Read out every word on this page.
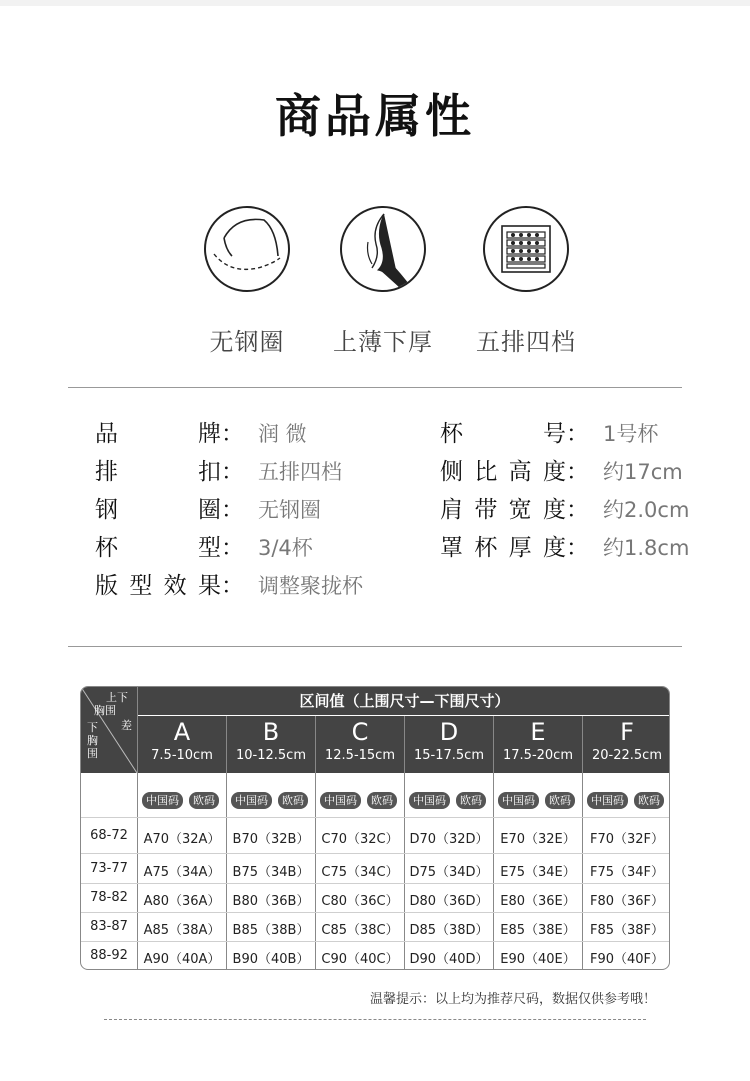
商品属性
无钢圈	上薄下厚	五排四档
品牌： 润 微
排扣： 五排四档
钢圈： 无钢圈
杯型： 3/4杯
版型效果： 调整聚拢杯
杯号： 1号杯
侧比高度： 约17cm
肩带宽度： 约2.0cm
罩杯厚度： 约1.8cm
上下
胸围
差
下胸围
区间值（上围尺寸—下围尺寸）
A
7.5-10cm
B
10-12.5cm
C
12.5-15cm
D
15-17.5cm
E
17.5-20cm
F
20-22.5cm
中国码	欧码	中国码	欧码	中国码	欧码	中国码	欧码	中国码	欧码	中国码	欧码
68-72	A70（32A） B70（32B） C70（32C） D70（32D） E70（32E）	F70（32F）
73-77	A75（34A） B75（34B） C75（34C） D75（34D） E75（34E）	F75（34F）
78-82	A80（36A） B80（36B） C80（36C） D80（36D） E80（36E）	F80（36F）
83-87	A85（38A） B85（38B） C85（38C） D85（38D） E85（38E）	F85（38F）
88-92	A90（40A） B90（40B） C90（40C） D90（40D） E90（40E）	F90（40F）
温馨提示：以上均为推荐尺码，数据仅供参考哦！
